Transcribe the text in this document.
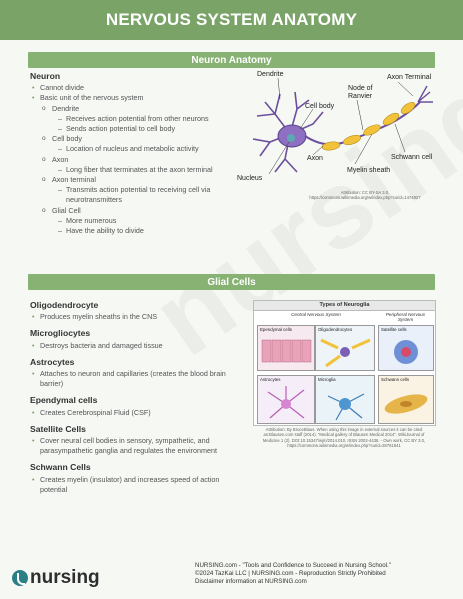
NERVOUS SYSTEM ANATOMY
Neuron Anatomy
Neuron
• Cannot divide
• Basic unit of the nervous system
o Dendrite
– Receives action potential from other neurons
– Sends action potential to cell body
o Cell body
– Location of nucleus and metabolic activity
o Axon
– Long fiber that terminates at the axon terminal
o Axon terminal
– Transmits action potential to receiving cell via neurotransmitters
o Glial Cell
– More numerous
– Have the ability to divide
Dendrite
Cell body
Node of Ranvier
Axon Terminal
Axon	Schwann cell
Myelin sheath
Nucleus
Attribution: CC BY-SA 3.0, https://commons.wikimedia.org/w/index.php?curid=1474927
Glial Cells
Oligodendrocyte
• Produces myelin sheaths in the CNS
Microgliocytes
• Destroys bacteria and damaged tissue
Astrocytes
• Attaches to neuron and capillaries (creates the blood brain barrier)
Ependymal cells
• Creates Cerebrospinal Fluid (CSF)
Satellite Cells
• Cover neural cell bodies in sensory, sympathetic, and parasympathetic ganglia and regulates the environment
Schwann Cells
• Creates myelin (insulator) and increases speed of action potential
Types of Neuroglia
Central Nervous System	Peripheral Nervous System
Ependymal cells	Oligodendrocytes	Satellite cells
Astrocytes	Microglia	Schwann cells
Attribution: By BruceBlaus. When using this image in external sources it can be cited as:Blausen.com staff (2014). "Medical gallery of Blausen Medical 2014". WikiJournal of Medicine 1 (2). DOI:10.15347/wjm/2014.010. ISSN 2002-4436. - Own work, CC BY 3.0, https://commons.wikimedia.org/w/index.php?curid=28761841
nursing
NURSING.com - "Tools and Confidence to Succeed in Nursing School."
©2024 TazKai LLC | NURSING.com - Reproduction Strictly Prohibited
Disclaimer information at NURSING.com
